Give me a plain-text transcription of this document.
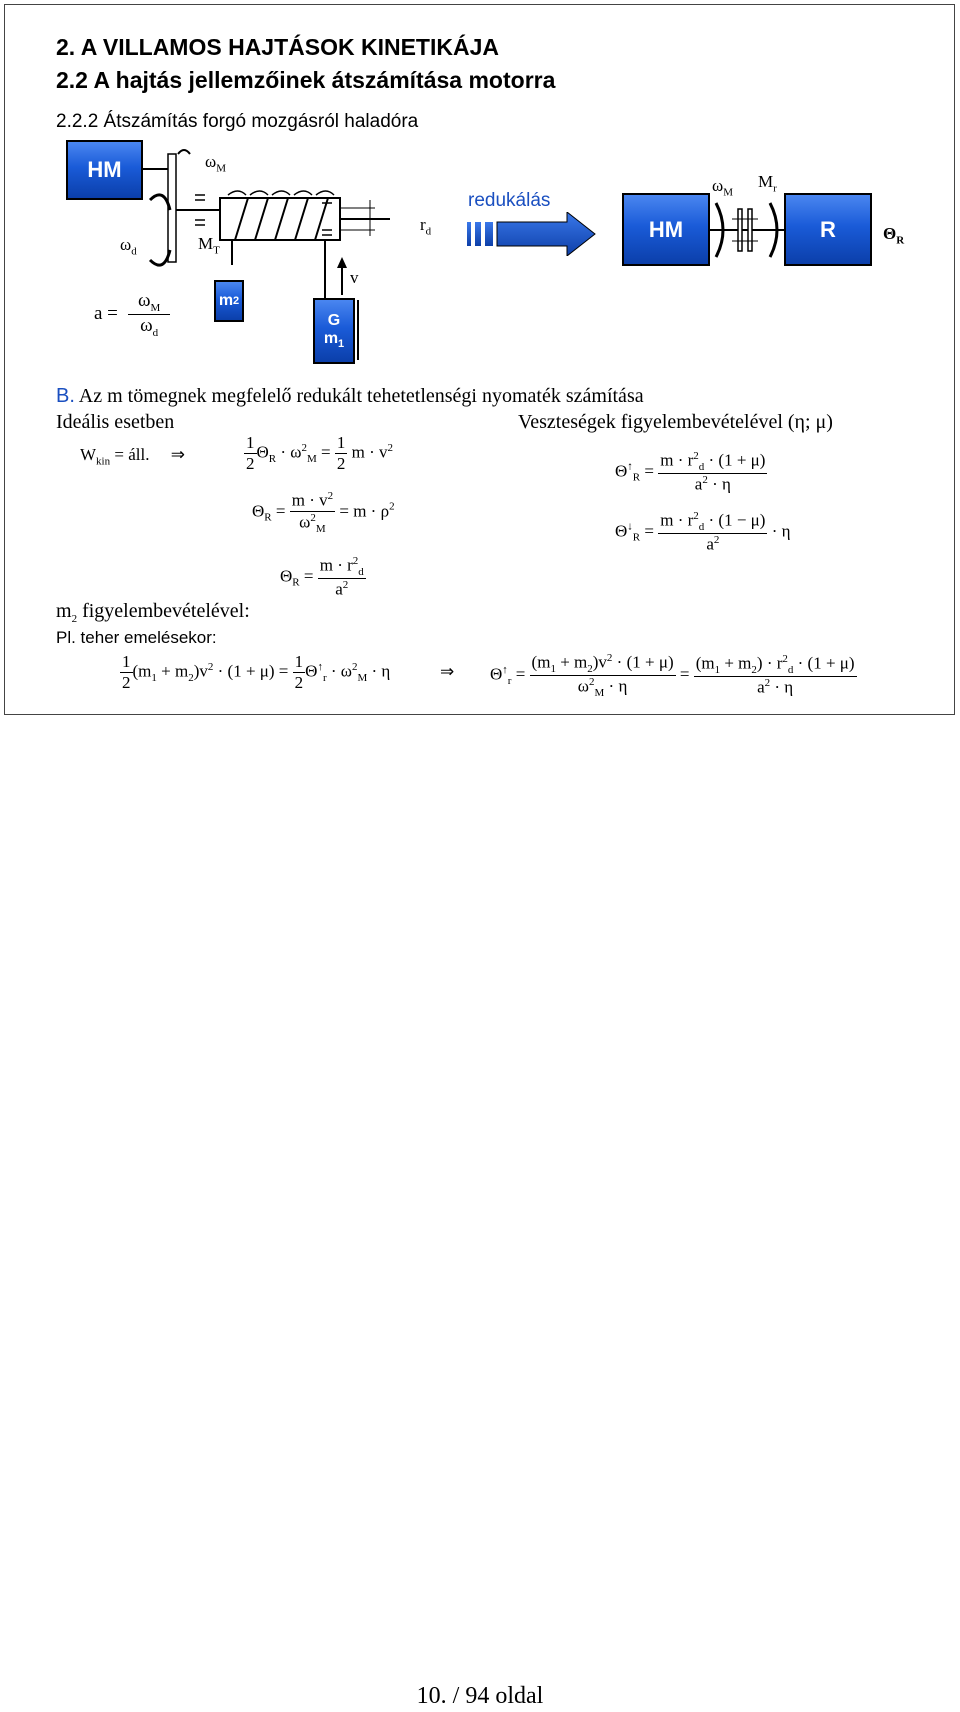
2. A VILLAMOS HAJTÁSOK KINETIKÁJA
2.2 A hajtás jellemzőinek átszámítása motorra
2.2.2 Átszámítás forgó mozgásról haladóra
HM	$\omega_M$
$\omega_d$	$M_T$
$r_d$
v
m 2
G
$m_1$
$a = \frac{\omega_M}{\omega_d}$
redukálás
HM	R
$\omega_M$
$M_r$
$\Theta_R$
B. Az m tömegnek megfelelő redukált tehetetlenségi nyomaték számítása
Ideális esetben	Veszteségek figyelembevételével (η; μ)
$W_{kin}$ = áll.     ⇒	$\frac{1}{2} \Theta_R \cdot \omega^2_M = \frac{1}{2}$ $m \cdot v^2$
$\Theta_R = \frac{m \cdot v^2}{\omega^2_M} = m \cdot \rho^2$
$\Theta_R = \frac{m \cdot r^2_d}{a^2}$
$\Theta^↑_R = \frac{m \cdot r^2_d \cdot (1 + \mu)}{a^2 \cdot \eta}$
$\Theta^↓_R = \frac{m \cdot r^2_d \cdot (1 - \mu)}{a^2} \cdot \eta$
$m_2$ figyelembevételével:
Pl. teher emelésekor:
$\frac{1}{2} (m_1 + m_2)v^2 \cdot (1 + \mu) = \frac{1}{2} \Theta^↑_r \cdot \omega^2_M \cdot \eta$	⇒ $\Theta^↑_r = \frac{(m_1 + m_2)v^2 \cdot (1 + \mu)}{\omega^2_M \cdot \eta} = \frac{(m_1 + m_2) \cdot r^2_d \cdot (1 + \mu)}{a^2 \cdot \eta}$
10. / 94 oldal
